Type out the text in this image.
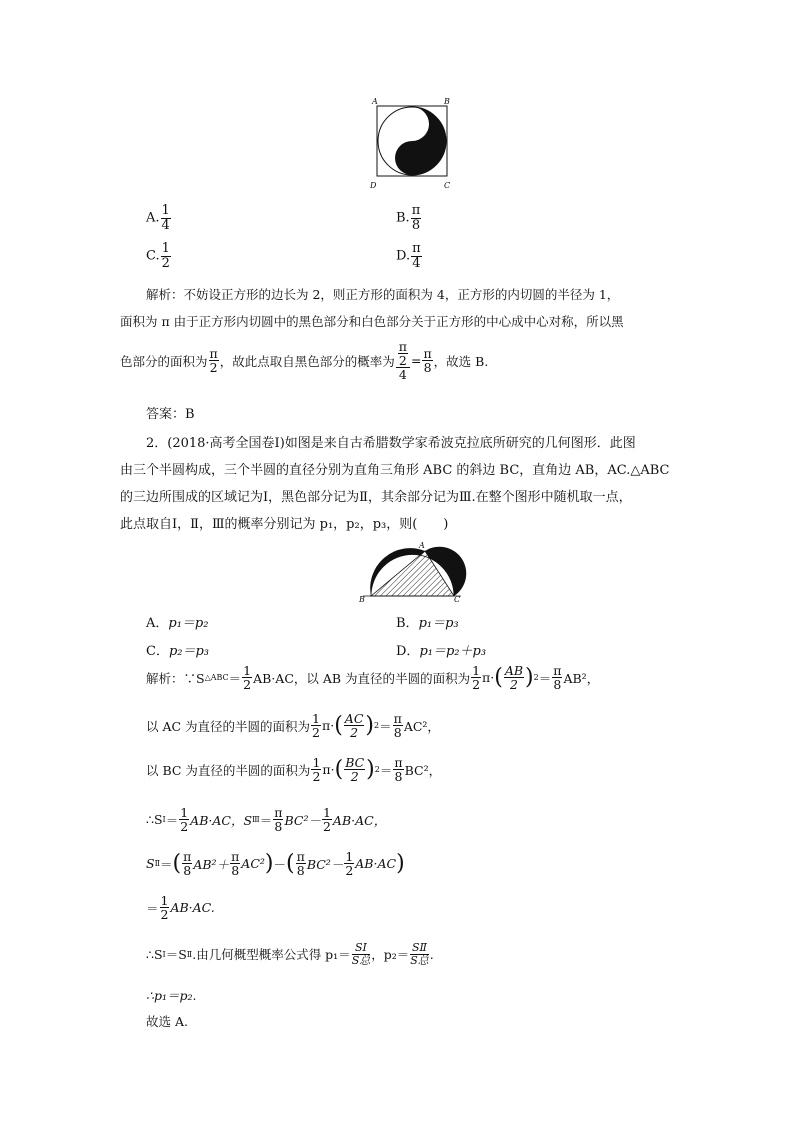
A	B
D	C
A. $\frac{1}{4}$	B. $\frac{\pi}{8}$
C. $\frac{1}{2}$	D. $\frac{\pi}{4}$
解析：不妨设正方形的边长为 2，则正方形的面积为 4，正方形的内切圆的半径为 1，
面积为 π 由于正方形内切圆中的黑色部分和白色部分关于正方形的中心成中心对称，所以黑
色部分的面积为 $\frac{\pi}{2}$ ，故此点取自黑色部分的概率为 $\frac{\frac{\pi}{2}}{4} = \frac{\pi}{8}$ ，故选 B.
答案：B
2．(2018·高考全国卷Ⅰ)如图是来自古希腊数学家希波克拉底所研究的几何图形．此图
由三个半圆构成，三个半圆的直径分别为直角三角形 ABC 的斜边 BC，直角边 AB，AC.△ABC
的三边所围成的区域记为Ⅰ，黑色部分记为Ⅱ，其余部分记为Ⅲ.在整个图形中随机取一点，
此点取自Ⅰ，Ⅱ，Ⅲ的概率分别记为 p₁，p₂，p₃，则(　　)
A
B	C
A．p₁＝p₂	B．p₁＝p₃
C．p₂＝p₃	D．p₁＝p₂＋p₃
解析：∵S △ABC ＝ $\frac{1}{2} AB\cdot AC$，以 AB 为直径的半圆的面积为 $\frac{1}{2} \pi\cdot$ ( $\frac{AB}{2}$ ) $2 = \frac{\pi}{8} AB^2$，
以 AC 为直径的半圆的面积为 $\frac{1}{2} \pi\cdot$ ( $\frac{AC}{2}$ ) $2 = \frac{\pi}{8} AC^2$，
以 BC 为直径的半圆的面积为 $\frac{1}{2} \pi\cdot$ ( $\frac{BC}{2}$ ) $2 = \frac{\pi}{8} BC^2$，
∴S Ⅰ ＝ $\frac{1}{2} AB\cdot AC$，S Ⅲ ＝ $\frac{\pi}{8} BC^2- \frac{1}{2} AB\cdot AC$，
S Ⅱ ＝ ( $\frac{\pi}{8} AB^2+ \frac{\pi}{8} AC^2$ ) － ( $\frac{\pi}{8} BC^2- \frac{1}{2} AB\cdot AC$ )
＝ $\frac{1}{2} AB\cdot AC$.
∴S Ⅰ ＝S Ⅱ .由几何概型概率公式得 $p_1= \frac{\text{SⅠ}}{\text{S总}}$ ，$p_2= \frac{\text{SⅡ}}{\text{S总}}$ .
∴p₁＝p₂.
故选 A.
